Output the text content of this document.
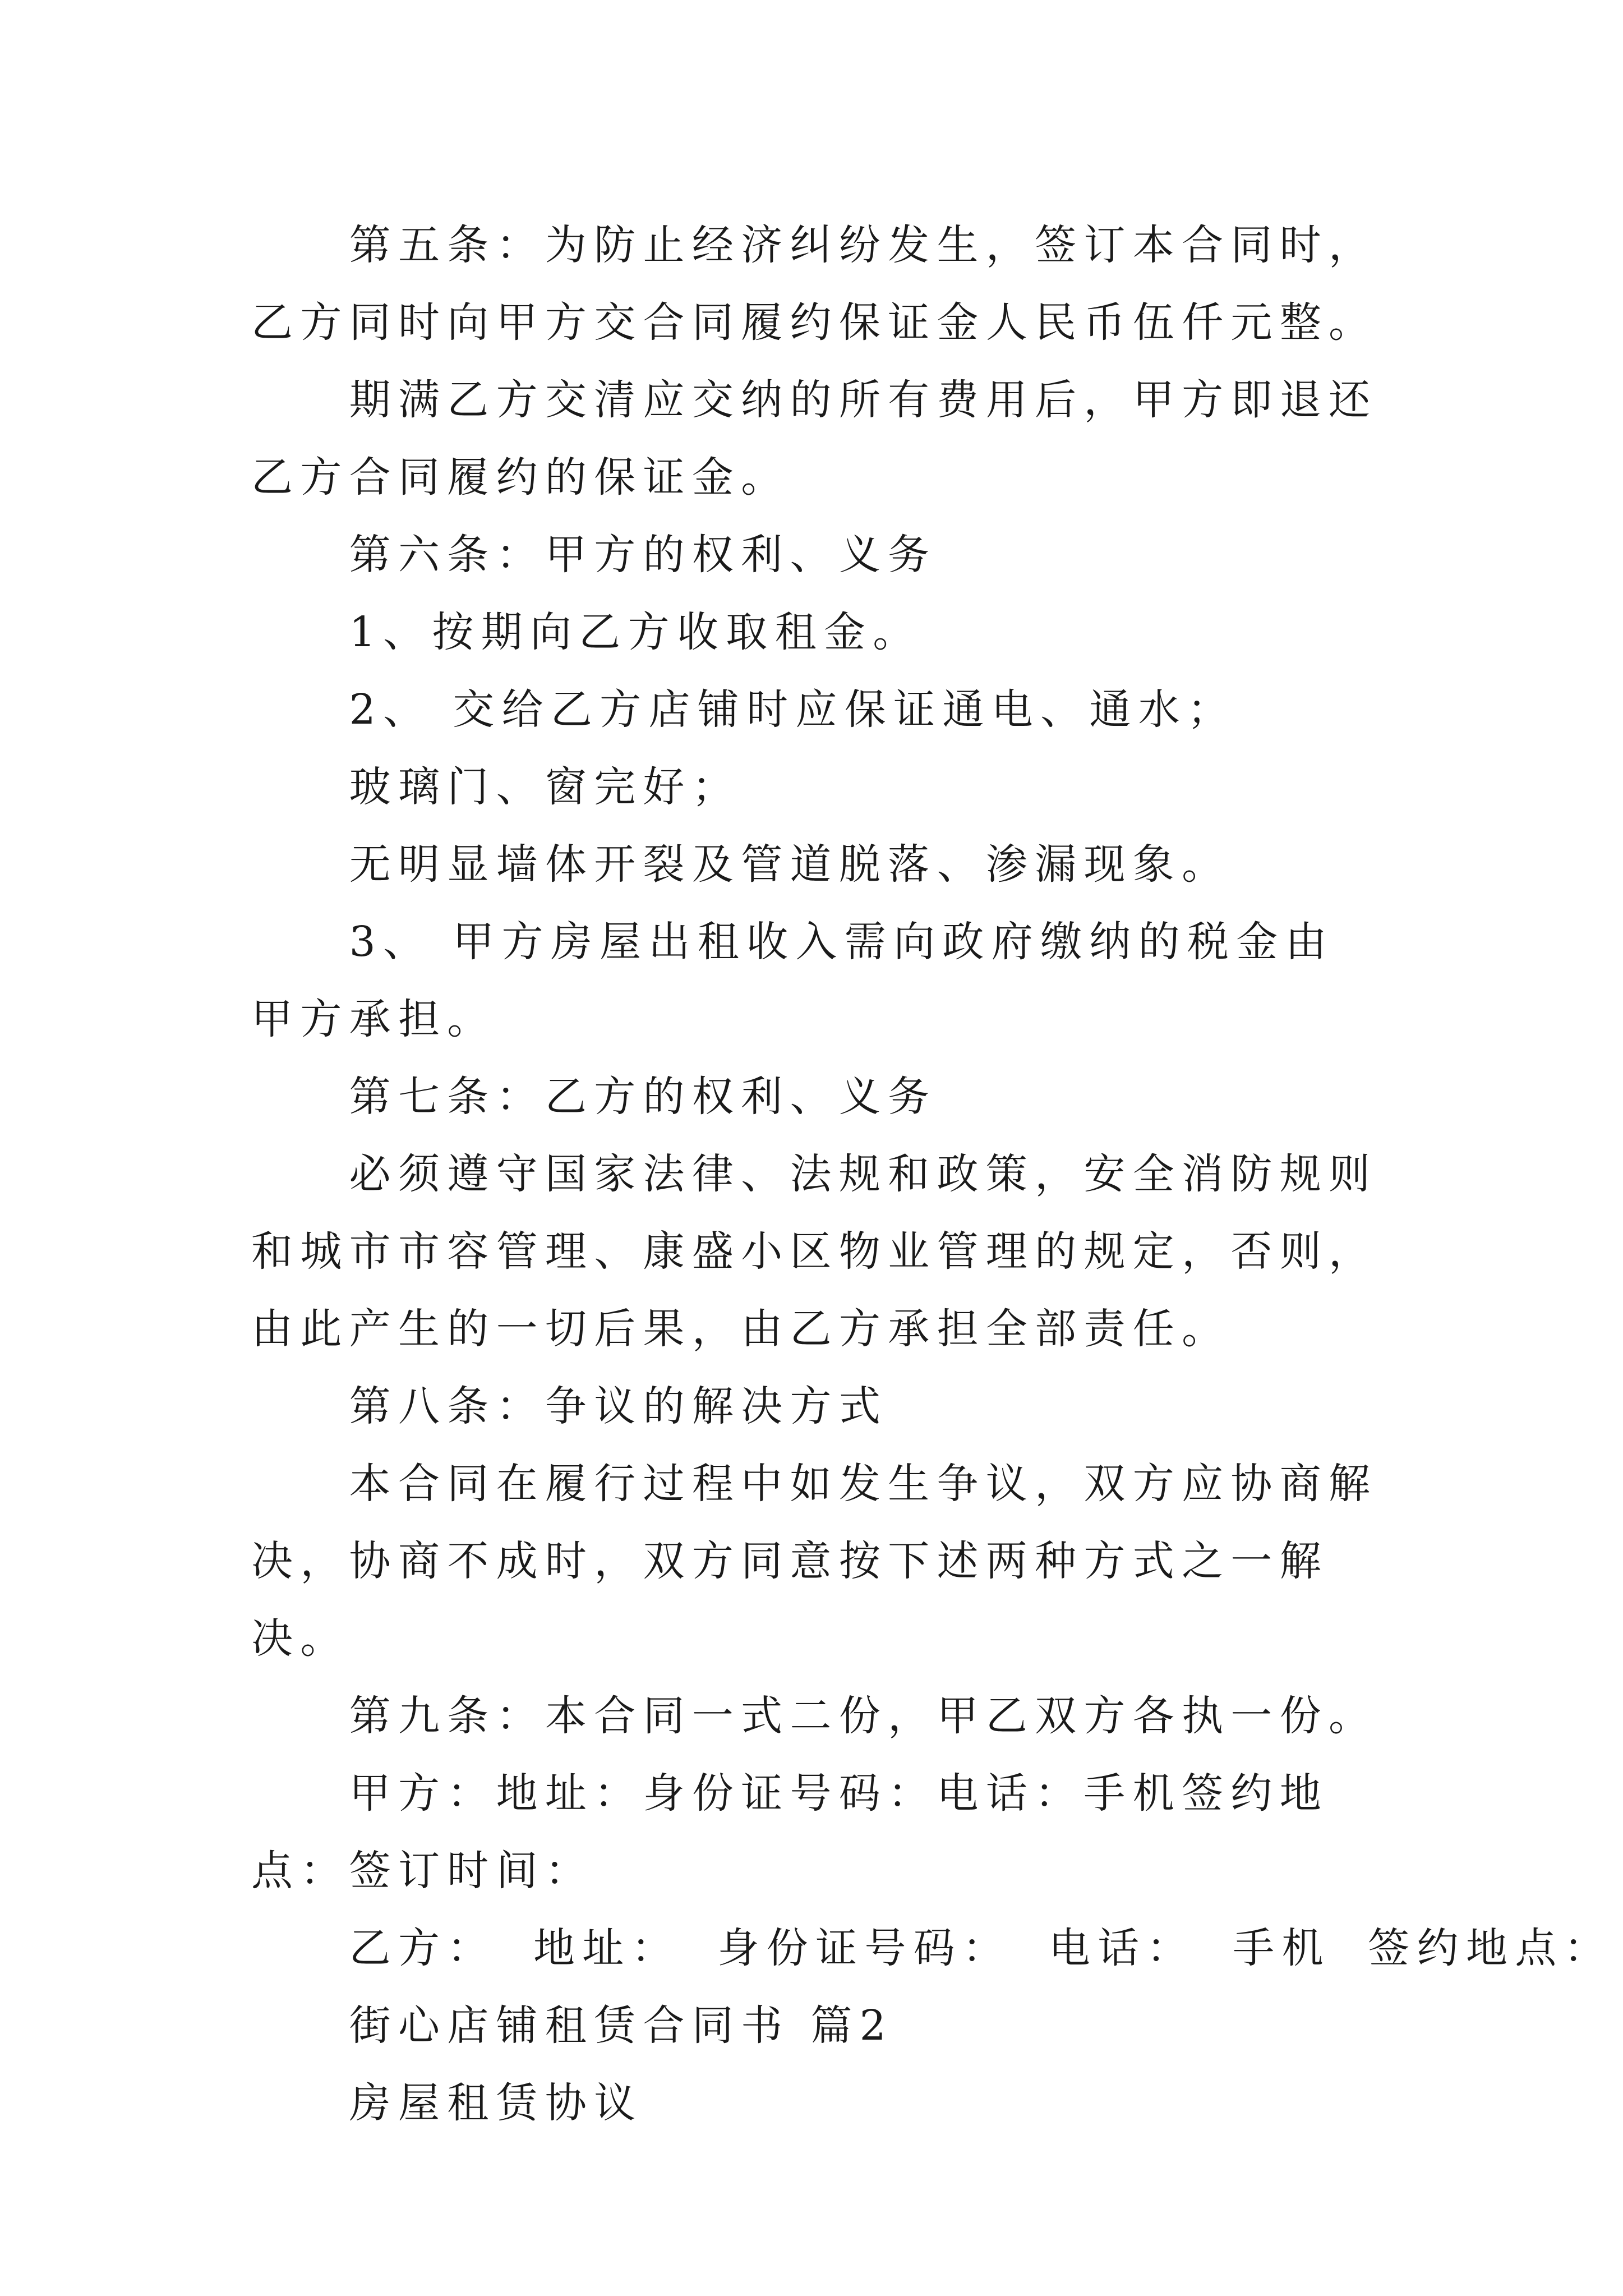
第五条：为防止经济纠纷发生，签订本合同时，乙方同时向甲方交合同履约保证金人民币伍仟元整。

期满乙方交清应交纳的所有费用后，甲方即退还乙方合同履约的保证金。

第六条：甲方的权利、义务

1、按期向乙方收取租金。

2、 交给乙方店铺时应保证通电、通水；

玻璃门、窗完好；

无明显墙体开裂及管道脱落、渗漏现象。

3、 甲方房屋出租收入需向政府缴纳的税金由甲方承担。

第七条：乙方的权利、义务

必须遵守国家法律、法规和政策，安全消防规则和城市市容管理、康盛小区物业管理的规定，否则，由此产生的一切后果，由乙方承担全部责任。

第八条：争议的解决方式

本合同在履行过程中如发生争议，双方应协商解决，协商不成时，双方同意按下述两种方式之一解决。

第九条：本合同一式二份，甲乙双方各执一份。

甲方：地址：身份证号码：电话：手机签约地点：签订时间：

乙方： 地址： 身份证号码： 电话： 手机 签约地点：

街心店铺租赁合同书 篇2

房屋租赁协议
